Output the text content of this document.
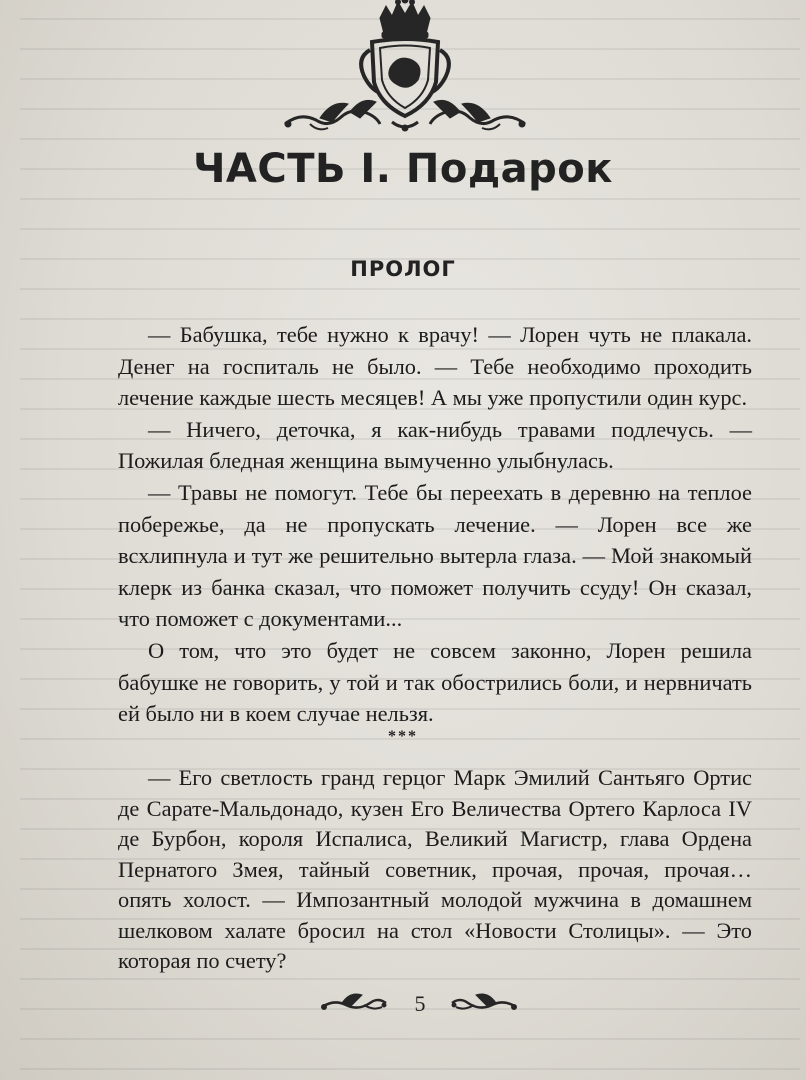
ЧАСТЬ I. Подарок
ПРОЛОГ

— Бабушка, тебе нужно к врачу! — Лорен чуть не плакала. Денег на госпиталь не было. — Тебе необходимо проходить лечение каждые шесть месяцев! А мы уже пропустили один курс.

— Ничего, деточка, я как-нибудь травами подлечусь. — Пожилая бледная женщина вымученно улыбнулась.

— Травы не помогут. Тебе бы переехать в деревню на теплое побережье, да не пропускать лечение. — Лорен все же всхлипнула и тут же решительно вытерла глаза. — Мой знакомый клерк из банка сказал, что поможет получить ссуду! Он сказал, что поможет с документами...

О том, что это будет не совсем законно, Лорен решила бабушке не говорить, у той и так обострились боли, и нервничать ей было ни в коем случае нельзя.

***

— Его светлость гранд герцог Марк Эмилий Сантьяго Ортис де Сарате-Мальдонадо, кузен Его Величества Ортего Карлоса IV де Бурбон, короля Испалиса, Великий Магистр, глава Ордена Пернатого Змея, тайный советник, прочая, прочая, прочая… опять холост. — Импозантный молодой мужчина в домашнем шелковом халате бросил на стол «Новости Столицы». — Это которая по счету?

5
